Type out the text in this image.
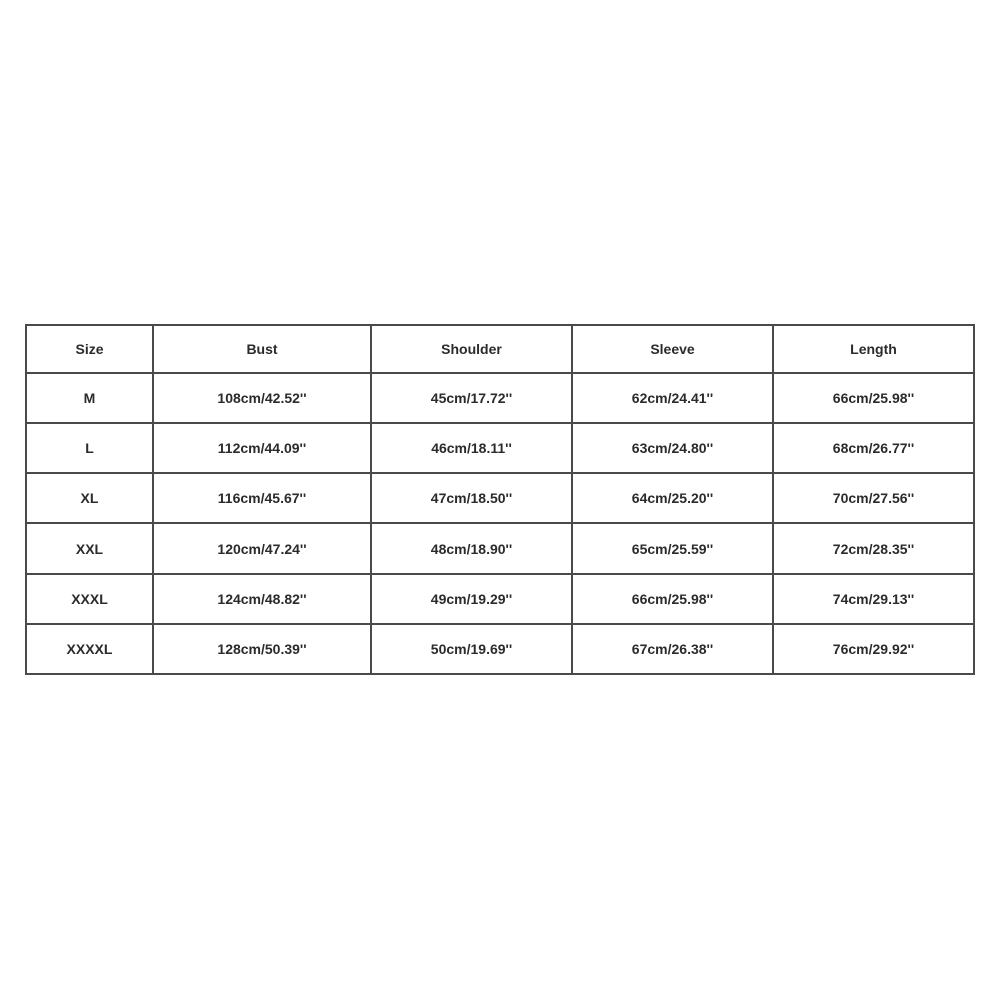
Size	Bust	Shoulder	Sleeve	Length
M	108cm/42.52''	45cm/17.72''	62cm/24.41''	66cm/25.98''
L	112cm/44.09''	46cm/18.11''	63cm/24.80''	68cm/26.77''
XL	116cm/45.67''	47cm/18.50''	64cm/25.20''	70cm/27.56''
XXL	120cm/47.24''	48cm/18.90''	65cm/25.59''	72cm/28.35''
XXXL	124cm/48.82''	49cm/19.29''	66cm/25.98''	74cm/29.13''
XXXXL	128cm/50.39''	50cm/19.69''	67cm/26.38''	76cm/29.92''
